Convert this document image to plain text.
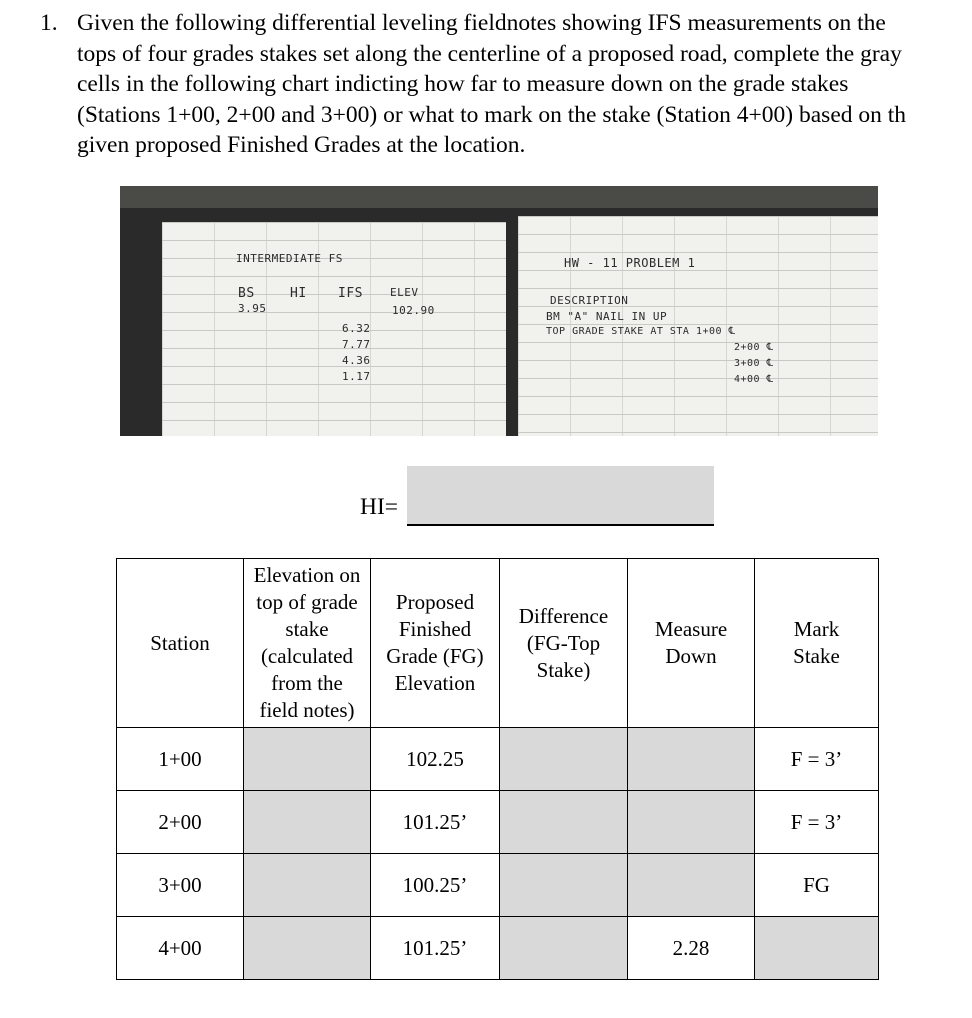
1. Given the following differential leveling fieldnotes showing IFS measurements on the
tops of four grades stakes set along the centerline of a proposed road, complete the gray
cells in the following chart indicting how far to measure down on the grade stakes
(Stations 1+00, 2+00 and 3+00) or what to mark on the stake (Station 4+00) based on th
given proposed Finished Grades at the location.
INTERMEDIATE FS
BS	HI IFS ELEV
3.95	102.90
6.32
7.77
4.36
1.17
HW - 11 PROBLEM 1
DESCRIPTION
BM "A" NAIL IN UP
TOP GRADE STAKE AT STA 1+00 ℄
2+00 ℄
3+00 ℄
4+00 ℄
HI=
Station	Elevation on top of grade stake (calculated from the field notes)	Proposed Finished Grade (FG) Elevation	Difference (FG-Top Stake)	Measure Down	Mark Stake
1+00		102.25			F = 3’
2+00		101.25’			F = 3’
3+00		100.25’			FG
4+00		101.25’		2.28	
